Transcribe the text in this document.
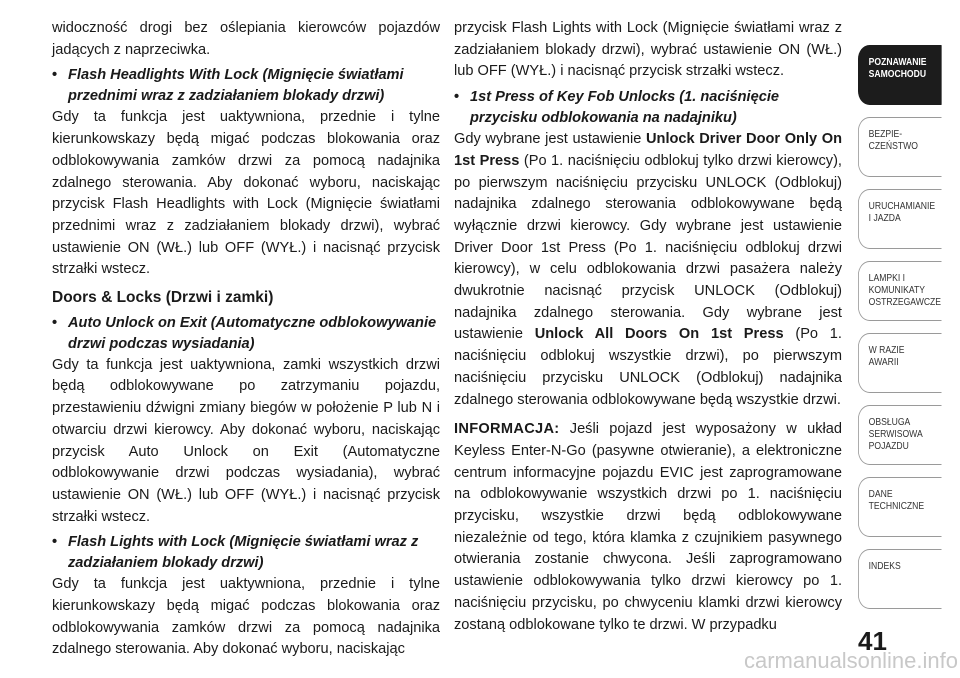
widoczność drogi bez oślepiania kierowców pojazdów jadących z naprzeciwka.

• Flash Headlights With Lock (Mignięcie światłami przednimi wraz z zadziałaniem blokady drzwi)

Gdy ta funkcja jest uaktywniona, przednie i tylne kierunkowskazy będą migać podczas blokowania oraz odblokowywania zamków drzwi za pomocą nadajnika zdalnego sterowania. Aby dokonać wyboru, naciskając przycisk Flash Headlights with Lock (Mignięcie światłami przednimi wraz z zadziałaniem blokady drzwi), wybrać ustawienie ON (WŁ.) lub OFF (WYŁ.) i nacisnąć przycisk strzałki wstecz.

Doors & Locks (Drzwi i zamki)

• Auto Unlock on Exit (Automatyczne odblokowywanie drzwi podczas wysiadania)

Gdy ta funkcja jest uaktywniona, zamki wszystkich drzwi będą odblokowywane po zatrzymaniu pojazdu, przestawieniu dźwigni zmiany biegów w położenie P lub N i otwarciu drzwi kierowcy. Aby dokonać wyboru, naciskając przycisk Auto Unlock on Exit (Automatyczne odblokowywanie drzwi podczas wysiadania), wybrać ustawienie ON (WŁ.) lub OFF (WYŁ.) i nacisnąć przycisk strzałki wstecz.

• Flash Lights with Lock (Mignięcie światłami wraz z zadziałaniem blokady drzwi)

Gdy ta funkcja jest uaktywniona, przednie i tylne kierunkowskazy będą migać podczas blokowania oraz odblokowywania zamków drzwi za pomocą nadajnika zdalnego sterowania. Aby dokonać wyboru, naciskając

przycisk Flash Lights with Lock (Mignięcie światłami wraz z zadziałaniem blokady drzwi), wybrać ustawienie ON (WŁ.) lub OFF (WYŁ.) i nacisnąć przycisk strzałki wstecz.

• 1st Press of Key Fob Unlocks (1. naciśnięcie przycisku odblokowania na nadajniku)

Gdy wybrane jest ustawienie Unlock Driver Door Only On 1st Press (Po 1. naciśnięciu odblokuj tylko drzwi kierowcy), po pierwszym naciśnięciu przycisku UNLOCK (Odblokuj) nadajnika zdalnego sterowania odblokowywane będą wyłącznie drzwi kierowcy. Gdy wybrane jest ustawienie Driver Door 1st Press (Po 1. naciśnięciu odblokuj drzwi kierowcy), w celu odblokowania drzwi pasażera należy dwukrotnie nacisnąć przycisk UNLOCK (Odblokuj) nadajnika zdalnego sterowania. Gdy wybrane jest ustawienie Unlock All Doors On 1st Press (Po 1. naciśnięciu odblokuj wszystkie drzwi), po pierwszym naciśnięciu przycisku UNLOCK (Odblokuj) nadajnika zdalnego sterowania odblokowywane będą wszystkie drzwi.

INFORMACJA: Jeśli pojazd jest wyposażony w układ Keyless Enter-N-Go (pasywne otwieranie), a elektroniczne centrum informacyjne pojazdu EVIC jest zaprogramowane na odblokowywanie wszystkich drzwi po 1. naciśnięciu przycisku, wszystkie drzwi będą odblokowywane niezależnie od tego, która klamka z czujnikiem pasywnego otwierania zostanie chwycona. Jeśli zaprogramowano ustawienie odblokowywania tylko drzwi kierowcy po 1. naciśnięciu przycisku, po chwyceniu klamki drzwi kierowcy zostaną odblokowane tylko te drzwi. W przypadku

POZNAWANIE
SAMOCHODU
BEZPIE-
CZEŃSTWO
URUCHAMIANIE
I JAZDA
LAMPKI I
KOMUNIKATY
OSTRZEGAWCZE
W RAZIE
AWARII
OBSŁUGA
SERWISOWA
POJAZDU
DANE
TECHNICZNE
INDEKS
41
carmanualsonline.info
